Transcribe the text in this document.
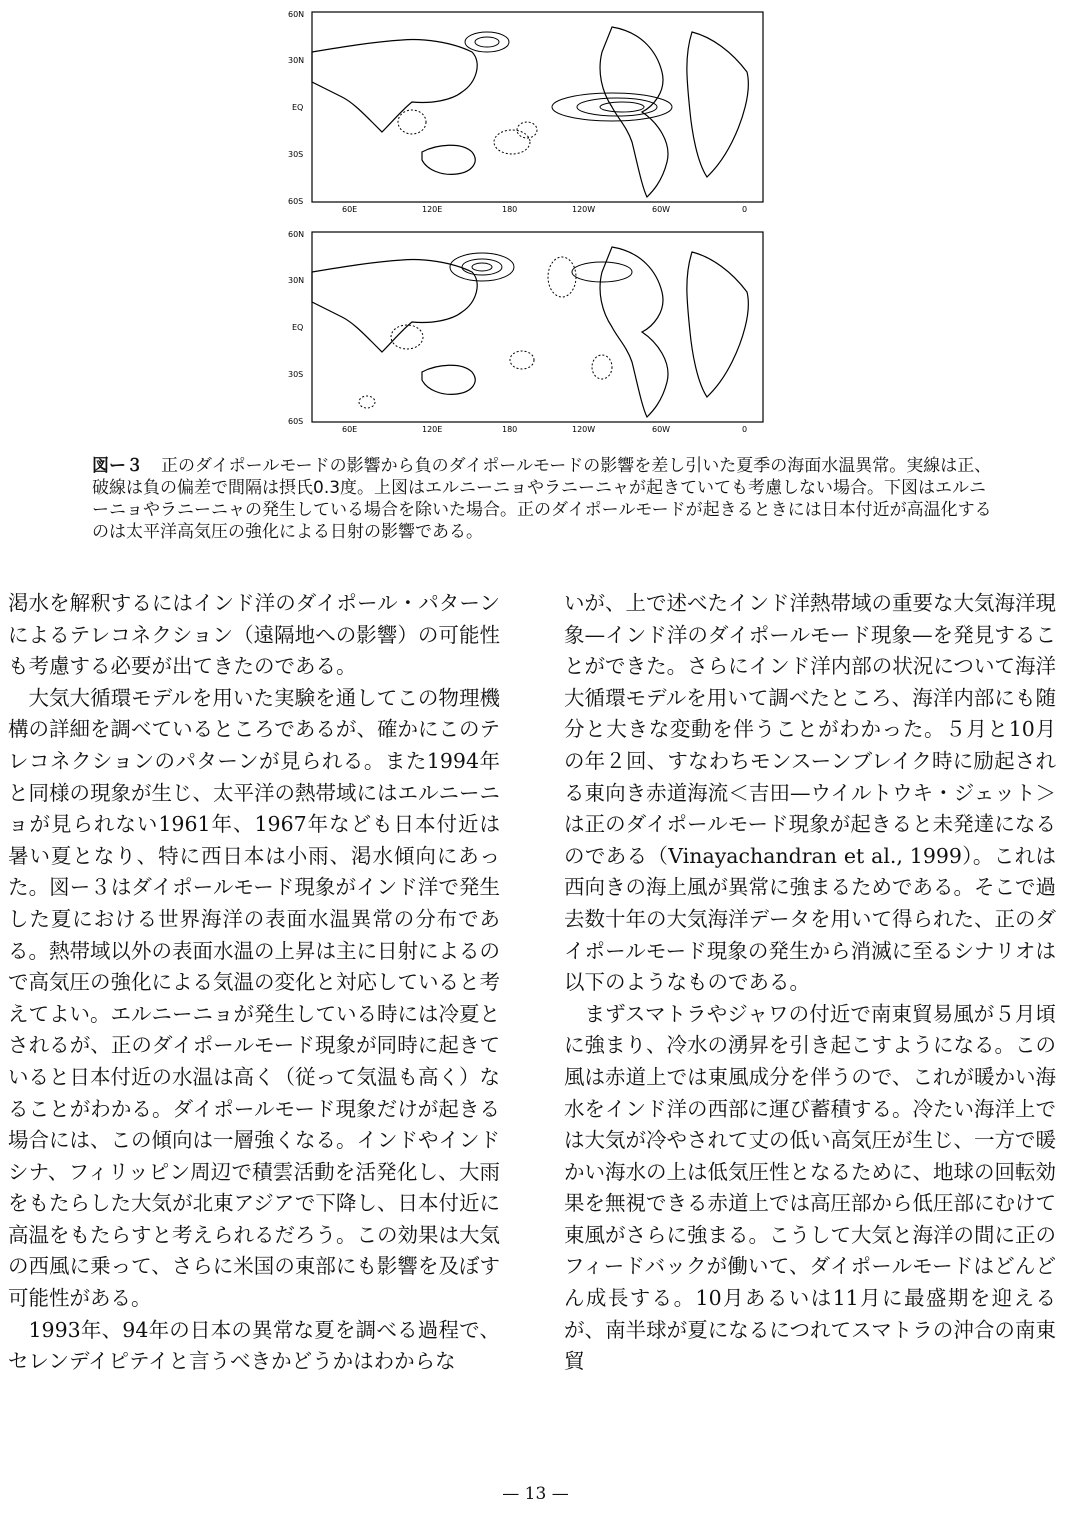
60N
30N
EQ
30S
60S
60E	120E	180	120W	60W	0
60N
30N
EQ
30S
60S
60E	120E	180	120W	60W	0
図ー３ 正のダイポールモードの影響から負のダイポールモードの影響を差し引いた夏季の海面水温異常。実線は正、破線は負の偏差で間隔は摂氏0.3度。上図はエルニーニョやラニーニャが起きていても考慮しない場合。下図はエルニーニョやラニーニャの発生している場合を除いた場合。正のダイポールモードが起きるときには日本付近が高温化するのは太平洋高気圧の強化による日射の影響である。

渇水を解釈するにはインド洋のダイポール・パターンによるテレコネクション（遠隔地への影響）の可能性も考慮する必要が出てきたのである。

大気大循環モデルを用いた実験を通してこの物理機構の詳細を調べているところであるが、確かにこのテレコネクションのパターンが見られる。また1994年と同様の現象が生じ、太平洋の熱帯域にはエルニーニョが見られない1961年、1967年なども日本付近は暑い夏となり、特に西日本は小雨、渇水傾向にあった。図ー３はダイポールモード現象がインド洋で発生した夏における世界海洋の表面水温異常の分布である。熱帯域以外の表面水温の上昇は主に日射によるので高気圧の強化による気温の変化と対応していると考えてよい。エルニーニョが発生している時には冷夏とされるが、正のダイポールモード現象が同時に起きていると日本付近の水温は高く（従って気温も高く）なることがわかる。ダイポールモード現象だけが起きる場合には、この傾向は一層強くなる。インドやインドシナ、フィリッピン周辺で積雲活動を活発化し、大雨をもたらした大気が北東アジアで下降し、日本付近に高温をもたらすと考えられるだろう。この効果は大気の西風に乗って、さらに米国の東部にも影響を及ぼす可能性がある。

1993年、94年の日本の異常な夏を調べる過程で、セレンデイピテイと言うべきかどうかはわからな

いが、上で述べたインド洋熱帯域の重要な大気海洋現象—インド洋のダイポールモード現象—を発見することができた。さらにインド洋内部の状況について海洋大循環モデルを用いて調べたところ、海洋内部にも随分と大きな変動を伴うことがわかった。５月と10月の年２回、すなわちモンスーンブレイク時に励起される東向き赤道海流＜吉田—ウイルトウキ・ジェット＞は正のダイポールモード現象が起きると未発達になるのである（Vinayachandran et al., 1999）。これは西向きの海上風が異常に強まるためである。そこで過去数十年の大気海洋データを用いて得られた、正のダイポールモード現象の発生から消滅に至るシナリオは以下のようなものである。

まずスマトラやジャワの付近で南東貿易風が５月頃に強まり、冷水の湧昇を引き起こすようになる。この風は赤道上では東風成分を伴うので、これが暖かい海水をインド洋の西部に運び蓄積する。冷たい海洋上では大気が冷やされて丈の低い高気圧が生じ、一方で暖かい海水の上は低気圧性となるために、地球の回転効果を無視できる赤道上では高圧部から低圧部にむけて東風がさらに強まる。こうして大気と海洋の間に正のフィードバックが働いて、ダイポールモードはどんどん成長する。10月あるいは11月に最盛期を迎えるが、南半球が夏になるにつれてスマトラの沖合の南東貿

— 13 —
